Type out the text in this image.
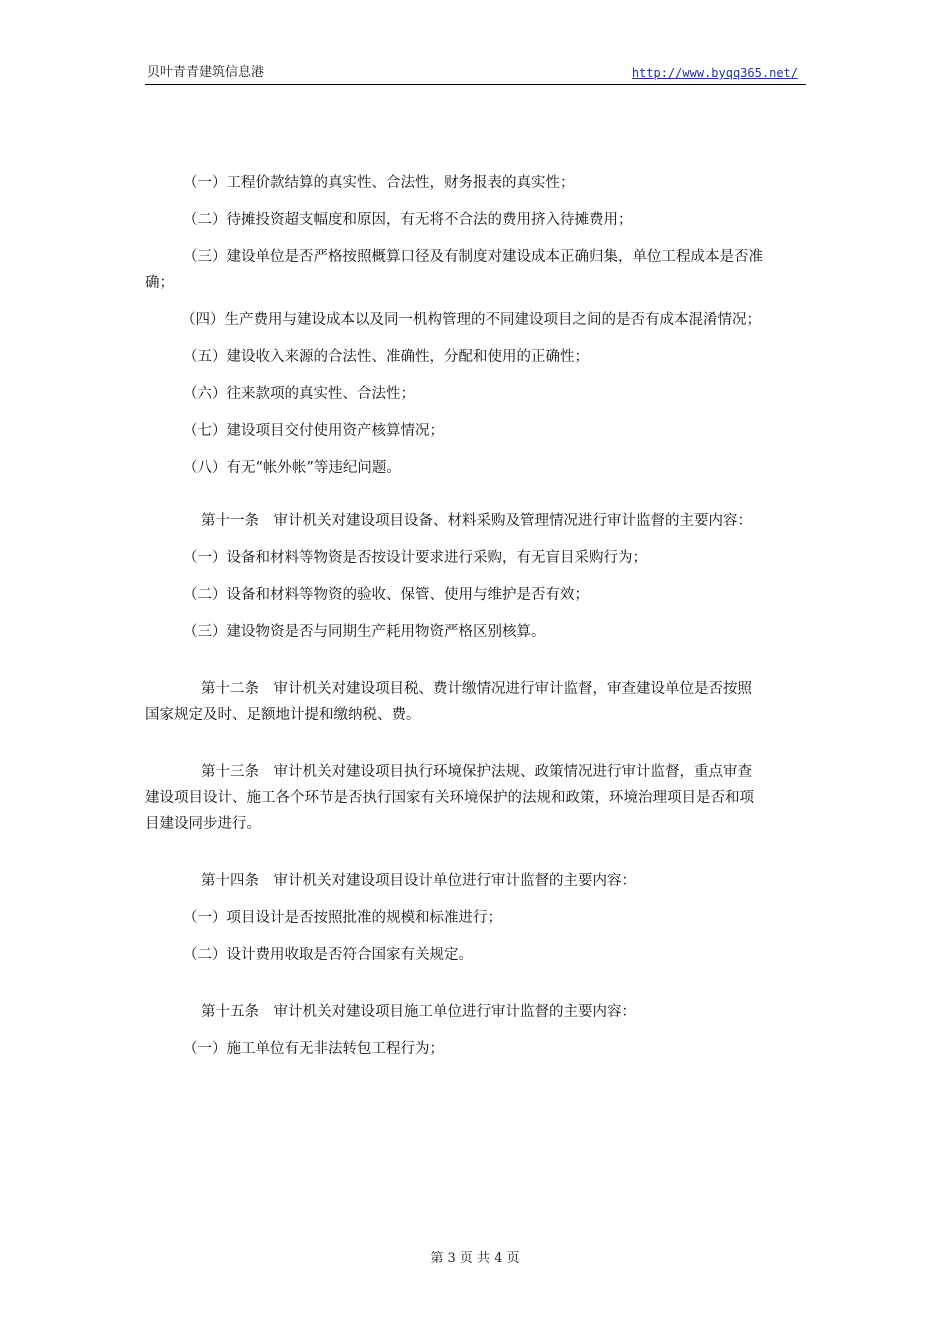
贝叶青青建筑信息港	http://www.byqq365.net/

（一）工程价款结算的真实性、合法性，财务报表的真实性；

（二）待摊投资超支幅度和原因，有无将不合法的费用挤入待摊费用；

（三）建设单位是否严格按照概算口径及有制度对建设成本正确归集，单位工程成本是否准确；

（四）生产费用与建设成本以及同一机构管理的不同建设项目之间的是否有成本混淆情况；

（五）建设收入来源的合法性、准确性，分配和使用的正确性；

（六）往来款项的真实性、合法性；

（七）建设项目交付使用资产核算情况；

（八）有无“帐外帐”等违纪问题。

第十一条　审计机关对建设项目设备、材料采购及管理情况进行审计监督的主要内容：

（一）设备和材料等物资是否按设计要求进行采购，有无盲目采购行为；

（二）设备和材料等物资的验收、保管、使用与维护是否有效；

（三）建设物资是否与同期生产耗用物资严格区别核算。

第十二条　审计机关对建设项目税、费计缴情况进行审计监督，审查建设单位是否按照国家规定及时、足额地计提和缴纳税、费。

第十三条　审计机关对建设项目执行环境保护法规、政策情况进行审计监督，重点审查建设项目设计、施工各个环节是否执行国家有关环境保护的法规和政策，环境治理项目是否和项目建设同步进行。

第十四条　审计机关对建设项目设计单位进行审计监督的主要内容：

（一）项目设计是否按照批准的规模和标准进行；

（二）设计费用收取是否符合国家有关规定。

第十五条　审计机关对建设项目施工单位进行审计监督的主要内容：

（一）施工单位有无非法转包工程行为；

第 3 页 共 4 页
